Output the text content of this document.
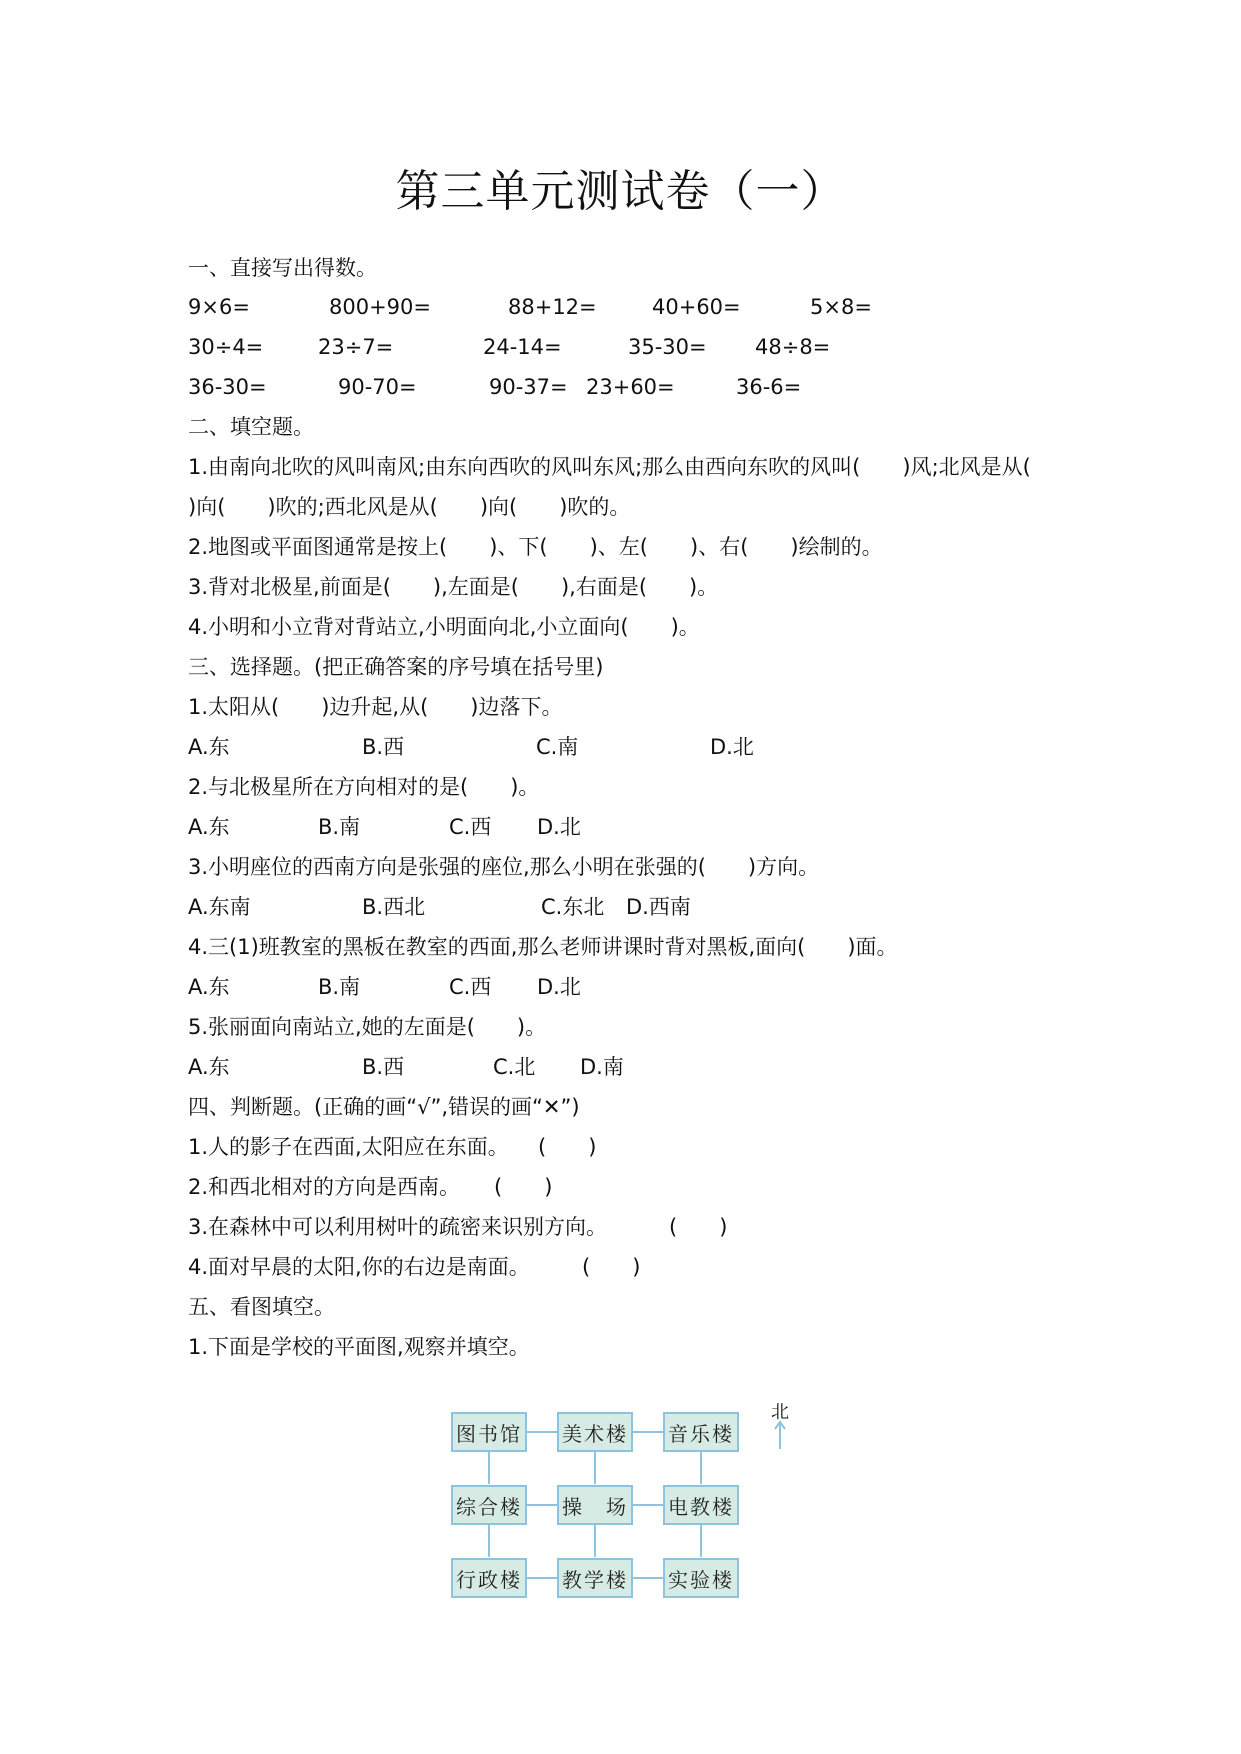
第三单元测试卷（一）
一、直接写出得数。
9×6=	800+90=	88+12=	40+60=	5×8=
30÷4=	23÷7=	24-14=	35-30= 48÷8=
36-30=	90-70=	90-37= 23+60=	36-6=
二、填空题。
1.由南向北吹的风叫南风;由东向西吹的风叫东风;那么由西向东吹的风叫(　　)风;北风是从(
)向(　　)吹的;西北风是从(　　)向(　　)吹的。
2.地图或平面图通常是按上(　　)、下(　　)、左(　　)、右(　　)绘制的。
3.背对北极星,前面是(　　),左面是(　　),右面是(　　)。
4.小明和小立背对背站立,小明面向北,小立面向(　　)。
三、选择题。(把正确答案的序号填在括号里)
1.太阳从(　　)边升起,从(　　)边落下。
A.东	B.西	C.南	D.北
2.与北极星所在方向相对的是(　　)。
A.东	B.南	C.西 D.北
3.小明座位的西南方向是张强的座位,那么小明在张强的(　　)方向。
A.东南	B.西北	C.东北 D.西南
4.三(1)班教室的黑板在教室的西面,那么老师讲课时背对黑板,面向(　　)面。
A.东	B.南	C.西 D.北
5.张丽面向南站立,她的左面是(　　)。
A.东	B.西	C.北 D.南
四、判断题。(正确的画“√”,错误的画“✕”)
1.人的影子在西面,太阳应在东面。 (　　)
2.和西北相对的方向是西南。 (　　)
3.在森林中可以利用树叶的疏密来识别方向。	(　　)
4.面对早晨的太阳,你的右边是南面。 (　　)
五、看图填空。
1.下面是学校的平面图,观察并填空。
图书馆 美术楼 音乐楼
综合楼 操　场 电教楼
行政楼 教学楼 实验楼
北
